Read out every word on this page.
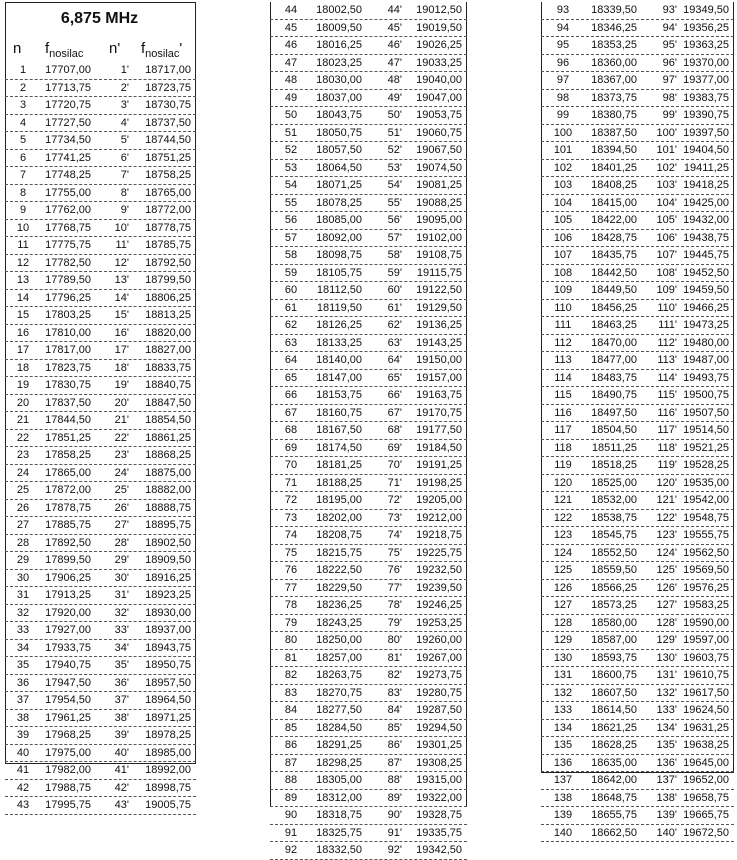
6,875 MHz
n $f_{nosilac}$ n' $f_{nosilac}'$
1	17707,00	1'	18717,00
2	17713,75	2'	18723,75
3	17720,75	3'	18730,75
4	17727,50	4'	18737,50
5	17734,50	5'	18744,50
6	17741,25	6'	18751,25
7	17748,25	7'	18758,25
8	17755,00	8'	18765,00
9	17762,00	9'	18772,00
10	17768,75	10'	18778,75
11	17775,75	11'	18785,75
12	17782,50	12'	18792,50
13	17789,50	13'	18799,50
14	17796,25	14'	18806,25
15	17803,25	15'	18813,25
16	17810,00	16'	18820,00
17	17817,00	17'	18827,00
18	17823,75	18'	18833,75
19	17830,75	19'	18840,75
20	17837,50	20'	18847,50
21	17844,50	21'	18854,50
22	17851,25	22'	18861,25
23	17858,25	23'	18868,25
24	17865,00	24'	18875,00
25	17872,00	25'	18882,00
26	17878,75	26'	18888,75
27	17885,75	27'	18895,75
28	17892,50	28'	18902,50
29	17899,50	29'	18909,50
30	17906,25	30'	18916,25
31	17913,25	31'	18923,25
32	17920,00	32'	18930,00
33	17927,00	33'	18937,00
34	17933,75	34'	18943,75
35	17940,75	35'	18950,75
36	17947,50	36'	18957,50
37	17954,50	37'	18964,50
38	17961,25	38'	18971,25
39	17968,25	39'	18978,25
40	17975,00	40'	18985,00
41	17982,00	41'	18992,00
42	17988,75	42'	18998,75
43	17995,75	43'	19005,75
44	18002,50	44'	19012,50
45	18009,50	45'	19019,50
46	18016,25	46'	19026,25
47	18023,25	47'	19033,25
48	18030,00	48'	19040,00
49	18037,00	49'	19047,00
50	18043,75	50'	19053,75
51	18050,75	51'	19060,75
52	18057,50	52'	19067,50
53	18064,50	53'	19074,50
54	18071,25	54'	19081,25
55	18078,25	55'	19088,25
56	18085,00	56'	19095,00
57	18092,00	57'	19102,00
58	18098,75	58'	19108,75
59	18105,75	59'	19115,75
60	18112,50	60'	19122,50
61	18119,50	61'	19129,50
62	18126,25	62'	19136,25
63	18133,25	63'	19143,25
64	18140,00	64'	19150,00
65	18147,00	65'	19157,00
66	18153,75	66'	19163,75
67	18160,75	67'	19170,75
68	18167,50	68'	19177,50
69	18174,50	69'	19184,50
70	18181,25	70'	19191,25
71	18188,25	71'	19198,25
72	18195,00	72'	19205,00
73	18202,00	73'	19212,00
74	18208,75	74'	19218,75
75	18215,75	75'	19225,75
76	18222,50	76'	19232,50
77	18229,50	77'	19239,50
78	18236,25	78'	19246,25
79	18243,25	79'	19253,25
80	18250,00	80'	19260,00
81	18257,00	81'	19267,00
82	18263,75	82'	19273,75
83	18270,75	83'	19280,75
84	18277,50	84'	19287,50
85	18284,50	85'	19294,50
86	18291,25	86'	19301,25
87	18298,25	87'	19308,25
88	18305,00	88'	19315,00
89	18312,00	89'	19322,00
90	18318,75	90'	19328,75
91	18325,75	91'	19335,75
92	18332,50	92'	19342,50
93	18339,50	93' 19349,50
94	18346,25	94' 19356,25
95	18353,25	95' 19363,25
96	18360,00	96' 19370,00
97	18367,00	97' 19377,00
98	18373,75	98' 19383,75
99	18380,75	99' 19390,75
100	18387,50	100' 19397,50
101	18394,50	101' 19404,50
102	18401,25	102' 19411,25
103	18408,25	103' 19418,25
104	18415,00	104' 19425,00
105	18422,00	105' 19432,00
106	18428,75	106' 19438,75
107	18435,75	107' 19445,75
108	18442,50	108' 19452,50
109	18449,50	109' 19459,50
110	18456,25	110' 19466,25
111	18463,25	111' 19473,25
112	18470,00	112' 19480,00
113	18477,00	113' 19487,00
114	18483,75	114' 19493,75
115	18490,75	115' 19500,75
116	18497,50	116' 19507,50
117	18504,50	117' 19514,50
118	18511,25	118' 19521,25
119	18518,25	119' 19528,25
120	18525,00	120' 19535,00
121	18532,00	121' 19542,00
122	18538,75	122' 19548,75
123	18545,75	123' 19555,75
124	18552,50	124' 19562,50
125	18559,50	125' 19569,50
126	18566,25	126' 19576,25
127	18573,25	127' 19583,25
128	18580,00	128' 19590,00
129	18587,00	129' 19597,00
130	18593,75	130' 19603,75
131	18600,75	131' 19610,75
132	18607,50	132' 19617,50
133	18614,50	133' 19624,50
134	18621,25	134' 19631,25
135	18628,25	135' 19638,25
136	18635,00	136' 19645,00
137	18642,00	137' 19652,00
138	18648,75	138' 19658,75
139	18655,75	139' 19665,75
140	18662,50	140' 19672,50
